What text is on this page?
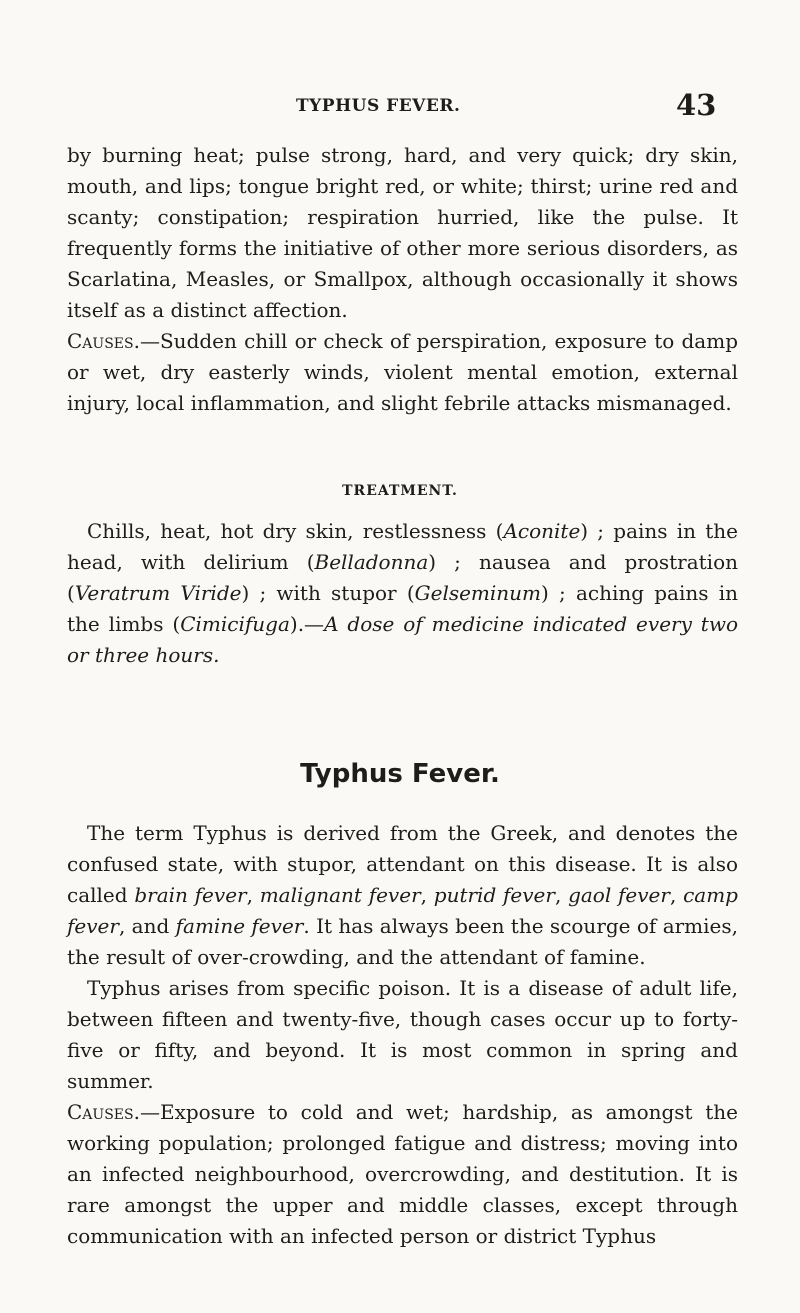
TYPHUS FEVER.	43

by burning heat; pulse strong, hard, and very quick; dry skin, mouth, and lips; tongue bright red, or white; thirst; urine red and scanty; constipation; respiration hurried, like the pulse. It frequently forms the initiative of other more serious disorders, as Scarlatina, Measles, or Smallpox, although occasionally it shows itself as a distinct affection.

Causes.—Sudden chill or check of perspiration, exposure to damp or wet, dry easterly winds, violent mental emotion, external injury, local inflammation, and slight febrile attacks mismanaged.

TREATMENT.

Chills, heat, hot dry skin, restlessness (Aconite) ; pains in the head, with delirium (Belladonna) ; nausea and prostration (Veratrum Viride) ; with stupor (Gelseminum) ; aching pains in the limbs (Cimicifuga).—A dose of medicine indicated every two or three hours.

Typhus Fever.

The term Typhus is derived from the Greek, and denotes the confused state, with stupor, attendant on this disease. It is also called brain fever, malignant fever, putrid fever, gaol fever, camp fever, and famine fever. It has always been the scourge of armies, the result of over-crowding, and the attendant of famine.

Typhus arises from specific poison. It is a disease of adult life, between fifteen and twenty-five, though cases occur up to forty-five or fifty, and beyond. It is most common in spring and summer.

Causes.—Exposure to cold and wet; hardship, as amongst the working population; prolonged fatigue and distress; moving into an infected neighbourhood, overcrowding, and destitution. It is rare amongst the upper and middle classes, except through communication with an infected person or district Typhus
